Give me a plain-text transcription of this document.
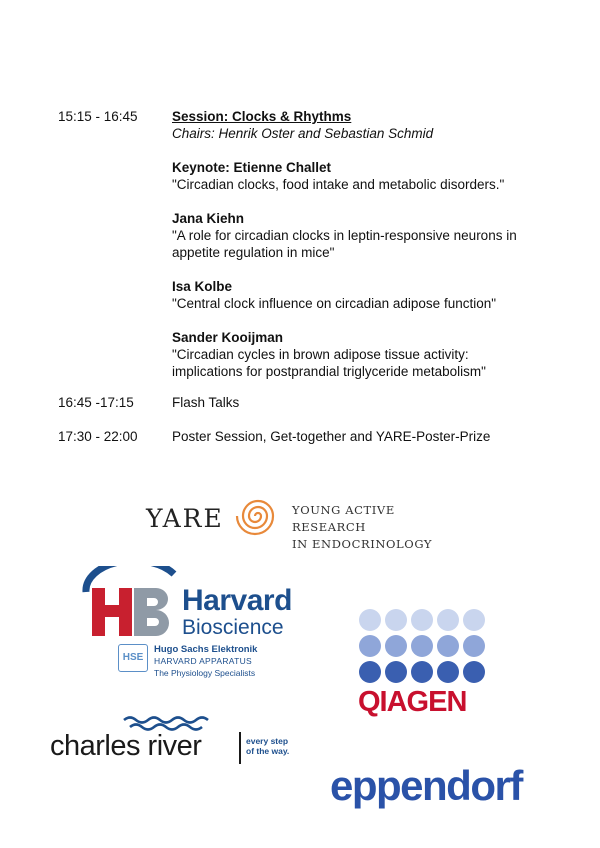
15:15 - 16:45	Session: Clocks & Rhythms
Chairs: Henrik Oster and Sebastian Schmid
Keynote: Etienne Challet
"Circadian clocks, food intake and metabolic disorders."
Jana Kiehn
"A role for circadian clocks in leptin-responsive neurons in
appetite regulation in mice"
Isa Kolbe
"Central clock influence on circadian adipose function"
Sander Kooijman
"Circadian cycles in brown adipose tissue activity:
implications for postprandial triglyceride metabolism"
16:45 -17:15	Flash Talks
17:30 - 22:00	Poster Session, Get-together and YARE-Poster-Prize
YARE	YOUNG ACTIVE RESEARCH
IN ENDOCRINOLOGY
Harvard
Bioscience
HSE
Hugo Sachs Elektronik
HARVARD APPARATUS
The Physiology Specialists
QIAGEN
charles river	every step
of the way.
eppendorf
